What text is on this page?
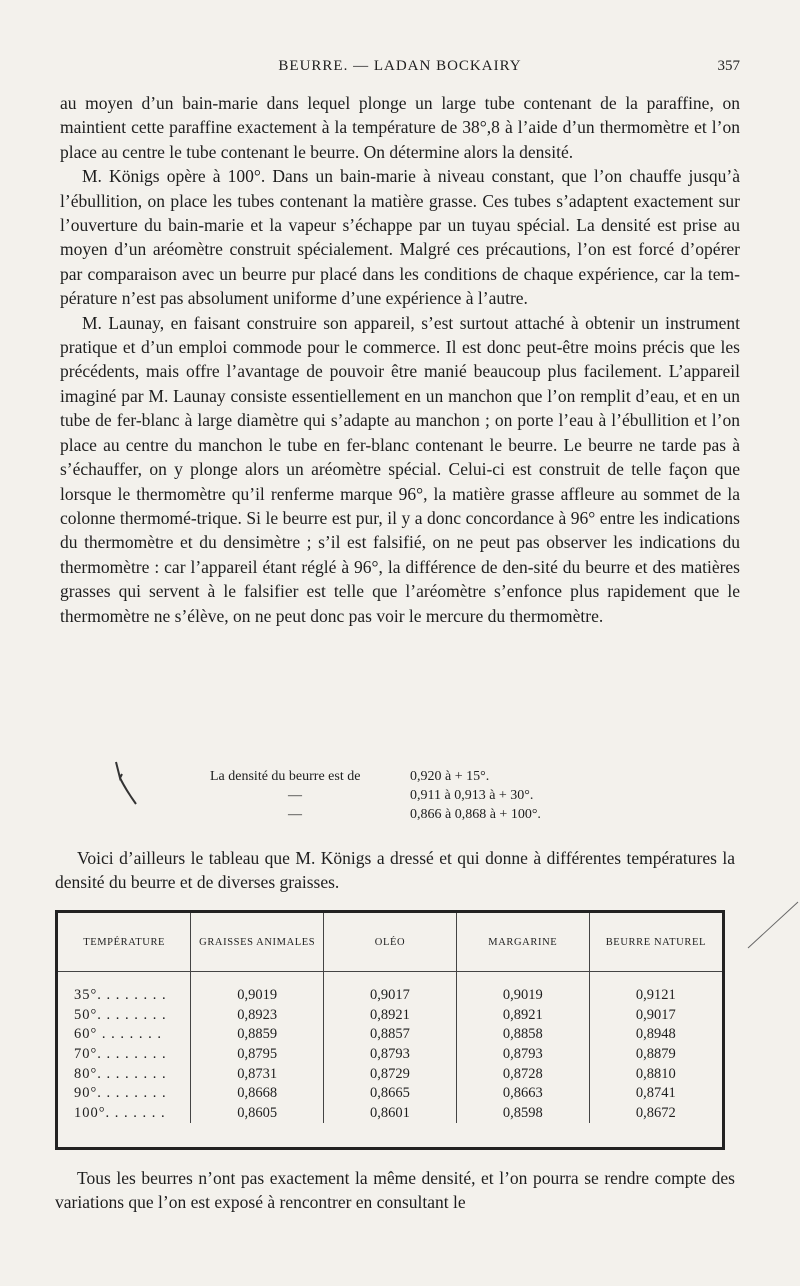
BEURRE. — LADAN BOCKAIRY	357

au moyen d’un bain-marie dans lequel plonge un large tube contenant de la paraffine, on maintient cette paraffine exactement à la température de 38°,8 à l’aide d’un thermomètre et l’on place au centre le tube contenant le beurre. On détermine alors la densité.

M. Königs opère à 100°. Dans un bain-marie à niveau constant, que l’on chauffe jusqu’à l’ébullition, on place les tubes contenant la matière grasse. Ces tubes s’adaptent exactement sur l’ouverture du bain-marie et la vapeur s’échappe par un tuyau spécial. La densité est prise au moyen d’un aréomètre construit spécialement. Malgré ces précautions, l’on est forcé d’opérer par comparaison avec un beurre pur placé dans les conditions de chaque expérience, car la tem-pérature n’est pas absolument uniforme d’une expérience à l’autre.

M. Launay, en faisant construire son appareil, s’est surtout attaché à obtenir un instrument pratique et d’un emploi commode pour le commerce. Il est donc peut-être moins précis que les précédents, mais offre l’avantage de pouvoir être manié beaucoup plus facilement. L’appareil imaginé par M. Launay consiste essentiellement en un manchon que l’on remplit d’eau, et en un tube de fer-blanc à large diamètre qui s’adapte au manchon ; on porte l’eau à l’ébullition et l’on place au centre du manchon le tube en fer-blanc contenant le beurre. Le beurre ne tarde pas à s’échauffer, on y plonge alors un aréomètre spécial. Celui-ci est construit de telle façon que lorsque le thermomètre qu’il renferme marque 96°, la matière grasse affleure au sommet de la colonne thermomé-trique. Si le beurre est pur, il y a donc concordance à 96° entre les indications du thermomètre et du densimètre ; s’il est falsifié, on ne peut pas observer les indications du thermomètre : car l’appareil étant réglé à 96°, la différence de den-sité du beurre et des matières grasses qui servent à le falsifier est telle que l’aréomètre s’enfonce plus rapidement que le thermomètre ne s’élève, on ne peut donc pas voir le mercure du thermomètre.

La densité du beurre est de	0,920 à + 15°.
—	0,911 à 0,913 à + 30°.
—	0,866 à 0,868 à + 100°.

Voici d’ailleurs le tableau que M. Königs a dressé et qui donne à différentes températures la densité du beurre et de diverses graisses.

TEMPÉRATURE	GRAISSES ANIMALES	OLÉO	MARGARINE	BEURRE NATUREL
35°. . . . . . . .	0,9019	0,9017	0,9019	0,9121
50°. . . . . . . .	0,8923	0,8921	0,8921	0,9017
60° . . . . . . .	0,8859	0,8857	0,8858	0,8948
70°. . . . . . . .	0,8795	0,8793	0,8793	0,8879
80°. . . . . . . .	0,8731	0,8729	0,8728	0,8810
90°. . . . . . . .	0,8668	0,8665	0,8663	0,8741
100°. . . . . . .	0,8605	0,8601	0,8598	0,8672

Tous les beurres n’ont pas exactement la même densité, et l’on pourra se rendre compte des variations que l’on est exposé à rencontrer en consultant le
